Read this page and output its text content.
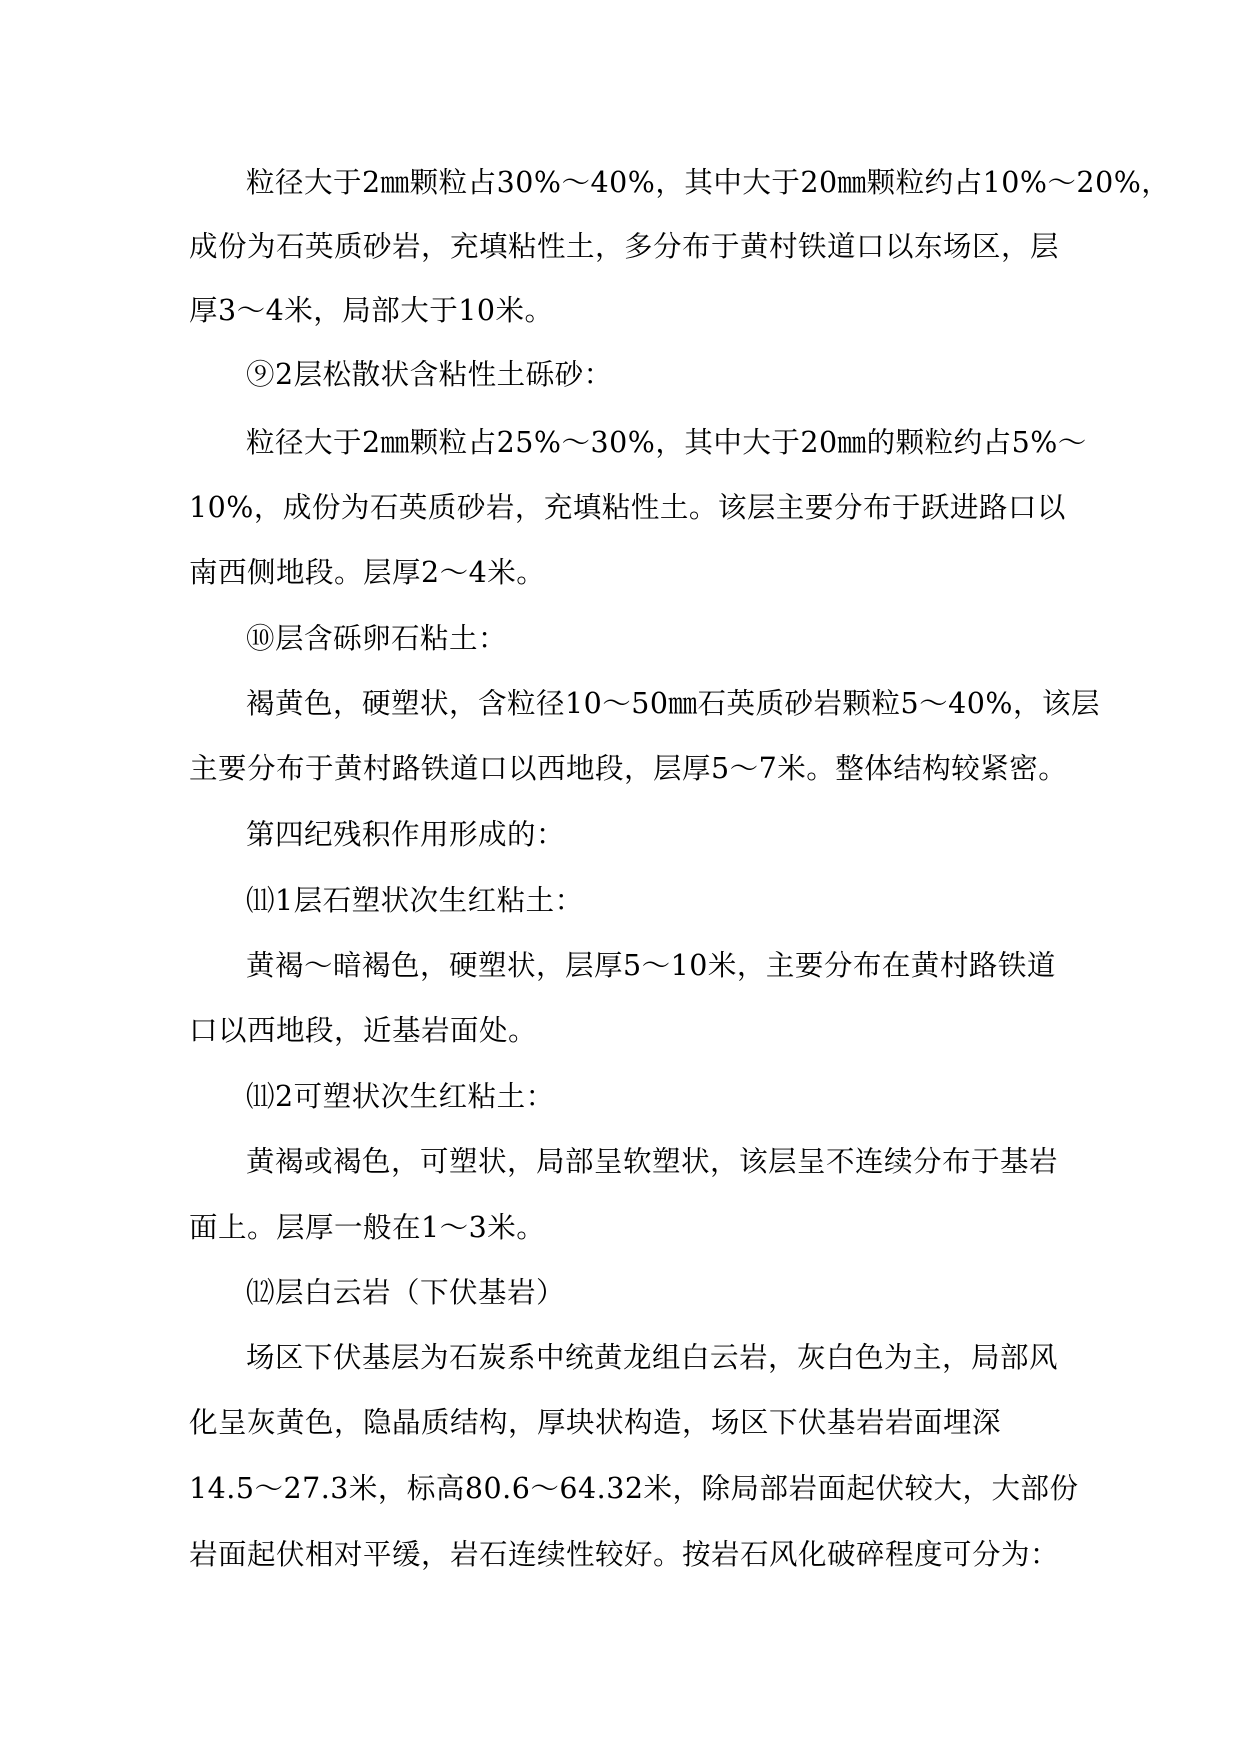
粒径大于2㎜颗粒占30%～40%，其中大于20㎜颗粒约占10%～20%，

成份为石英质砂岩，充填粘性土，多分布于黄村铁道口以东场区，层

厚3～4米，局部大于10米。

⑨2层松散状含粘性土砾砂：

粒径大于2㎜颗粒占25%～30%，其中大于20㎜的颗粒约占5%～

10%，成份为石英质砂岩，充填粘性土。该层主要分布于跃进路口以

南西侧地段。层厚2～4米。

⑩层含砾卵石粘土：

褐黄色，硬塑状，含粒径10～50㎜石英质砂岩颗粒5～40%，该层

主要分布于黄村路铁道口以西地段，层厚5～7米。整体结构较紧密。

第四纪残积作用形成的：

⑾1层石塑状次生红粘土：

黄褐～暗褐色，硬塑状，层厚5～10米，主要分布在黄村路铁道

口以西地段，近基岩面处。

⑾2可塑状次生红粘土：

黄褐或褐色，可塑状，局部呈软塑状，该层呈不连续分布于基岩

面上。层厚一般在1～3米。

⑿层白云岩（下伏基岩）

场区下伏基层为石炭系中统黄龙组白云岩，灰白色为主，局部风

化呈灰黄色，隐晶质结构，厚块状构造，场区下伏基岩岩面埋深

14.5～27.3米，标高80.6～64.32米，除局部岩面起伏较大，大部份

岩面起伏相对平缓，岩石连续性较好。按岩石风化破碎程度可分为：
